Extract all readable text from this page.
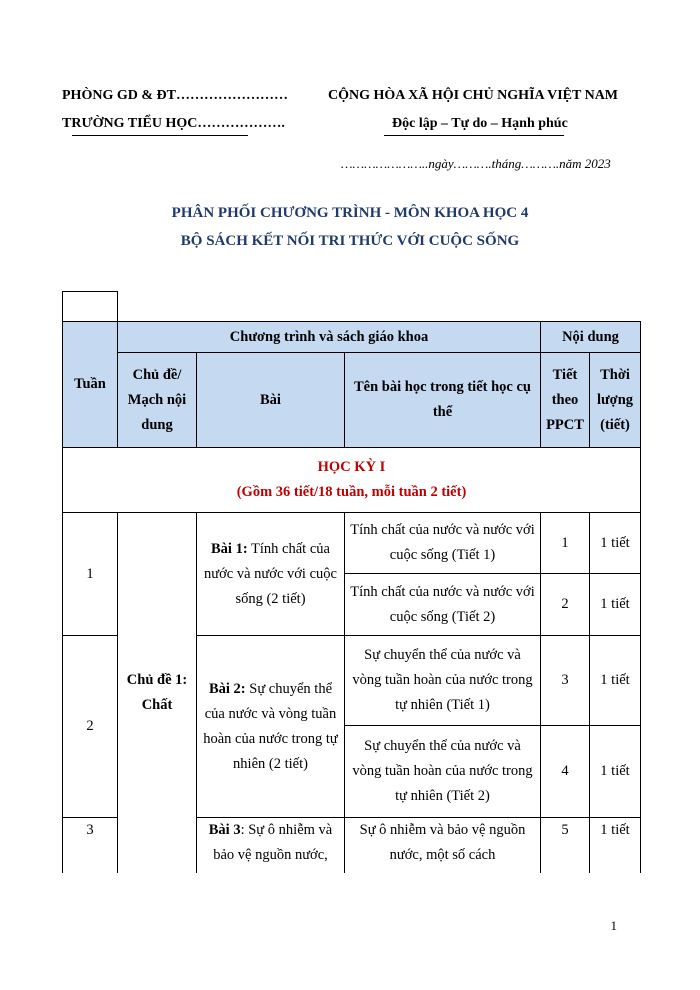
PHÒNG GD & ĐT……………………
TRƯỜNG TIỂU HỌC……………….
CỘNG HÒA XÃ HỘI CHỦ NGHĨA VIỆT NAM
Độc lập – Tự do – Hạnh phúc
…………………..ngày……….tháng……….năm 2023
PHÂN PHỐI CHƯƠNG TRÌNH - MÔN KHOA HỌC 4
BỘ SÁCH KẾT NỐI TRI THỨC VỚI CUỘC SỐNG

Tuần	Chương trình và sách giáo khoa			Nội dung	
	Chủ đề/ Mạch nội dung	Bài	Tên bài học trong tiết học cụ thể	Tiết theo PPCT	Thời lượng (tiết)

HỌC KỲ I
(Gồm 36 tiết/18 tuần, mỗi tuần 2 tiết)					

1	Chủ đề 1: Chất	Bài 1: Tính chất của nước và nước với cuộc sống (2 tiết)	Tính chất của nước và nước với cuộc sống (Tiết 1)	1	1 tiết
			Tính chất của nước và nước với cuộc sống (Tiết 2)	2	1 tiết
2		Bài 2: Sự chuyển thể của nước và vòng tuần hoàn của nước trong tự nhiên (2 tiết)	Sự chuyển thể của nước và vòng tuần hoàn của nước trong tự nhiên (Tiết 1)	3	1 tiết
			Sự chuyển thể của nước và vòng tuần hoàn của nước trong tự nhiên (Tiết 2)	4	1 tiết
3		Bài 3: Sự ô nhiễm và bảo vệ nguồn nước,	Sự ô nhiễm và bảo vệ nguồn nước, một số cách	5	1 tiết
1
